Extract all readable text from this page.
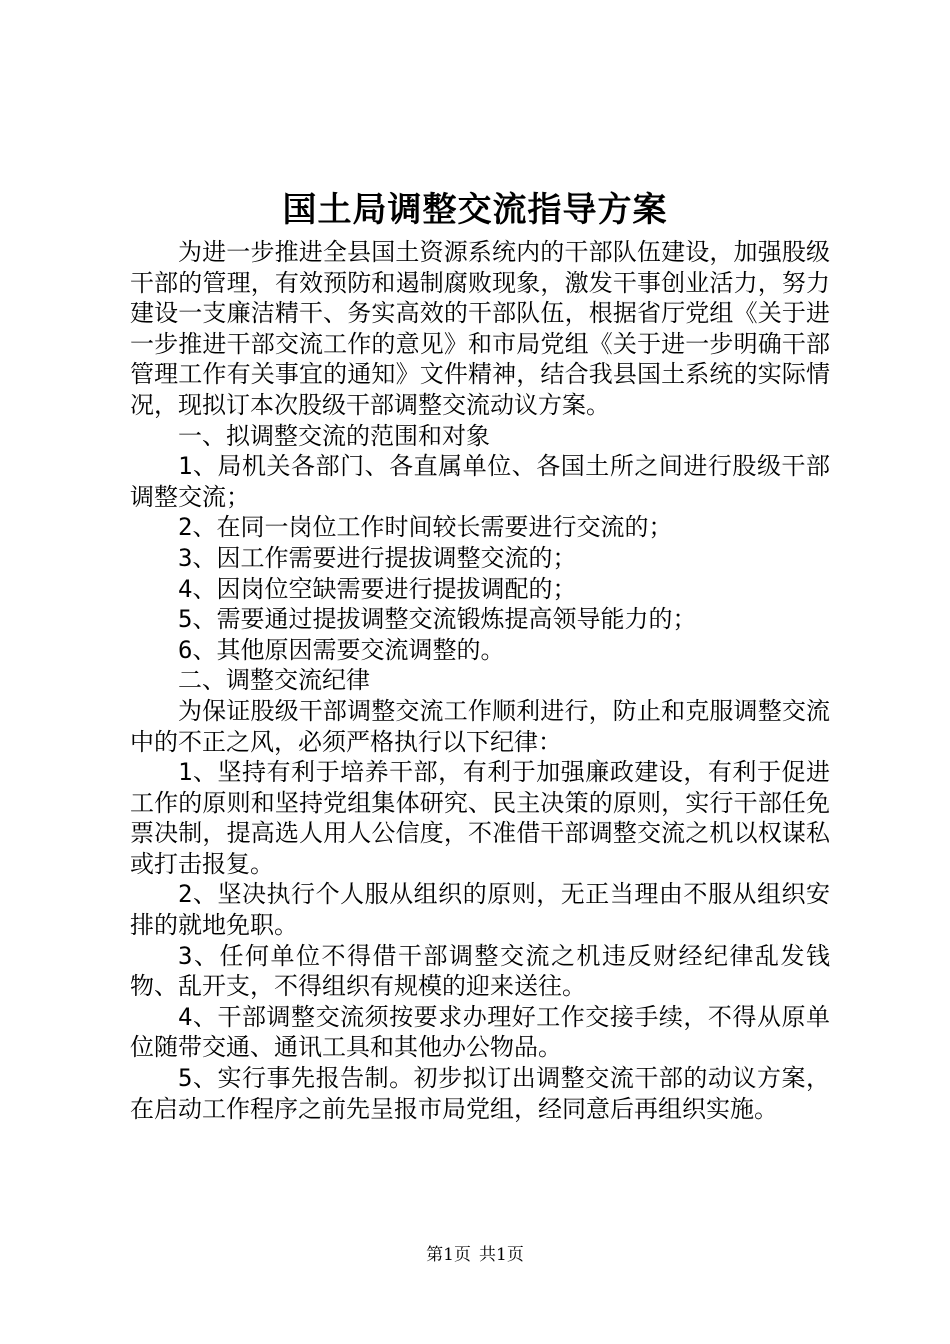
国土局调整交流指导方案

为进一步推进全县国土资源系统内的干部队伍建设，加强股级干部的管理，有效预防和遏制腐败现象，激发干事创业活力，努力建设一支廉洁精干、务实高效的干部队伍，根据省厅党组《关于进一步推进干部交流工作的意见》和市局党组《关于进一步明确干部管理工作有关事宜的通知》文件精神，结合我县国土系统的实际情况，现拟订本次股级干部调整交流动议方案。

一、拟调整交流的范围和对象

1、局机关各部门、各直属单位、各国土所之间进行股级干部调整交流；

2、在同一岗位工作时间较长需要进行交流的；

3、因工作需要进行提拔调整交流的；

4、因岗位空缺需要进行提拔调配的；

5、需要通过提拔调整交流锻炼提高领导能力的；

6、其他原因需要交流调整的。

二、调整交流纪律

为保证股级干部调整交流工作顺利进行，防止和克服调整交流中的不正之风，必须严格执行以下纪律：

1、坚持有利于培养干部，有利于加强廉政建设，有利于促进工作的原则和坚持党组集体研究、民主决策的原则，实行干部任免票决制，提高选人用人公信度，不准借干部调整交流之机以权谋私或打击报复。

2、坚决执行个人服从组织的原则，无正当理由不服从组织安排的就地免职。

3、任何单位不得借干部调整交流之机违反财经纪律乱发钱物、乱开支，不得组织有规模的迎来送往。

4、干部调整交流须按要求办理好工作交接手续，不得从原单位随带交通、通讯工具和其他办公物品。

5、实行事先报告制。初步拟订出调整交流干部的动议方案，在启动工作程序之前先呈报市局党组，经同意后再组织实施。

第1页 共1页
